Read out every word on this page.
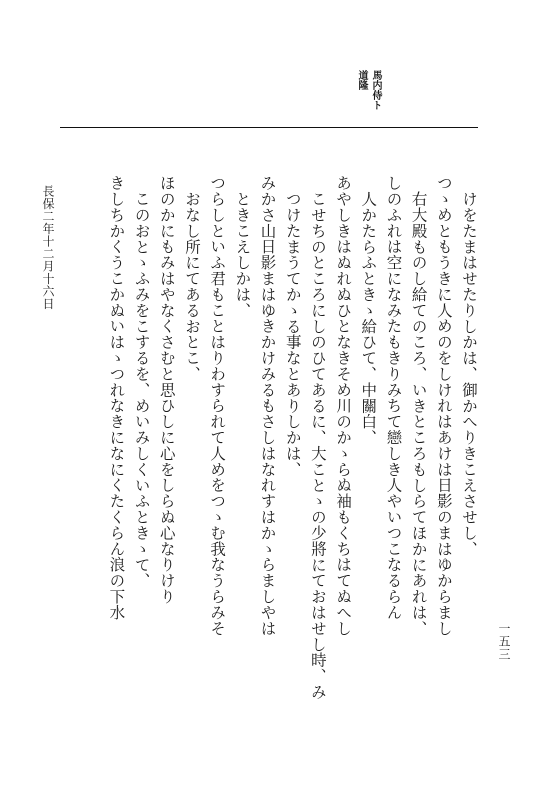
馬内侍ト
道隆
けをたまはせたりしかは、御かへりきこえさせし、
つゝめともうきに人めのをしけれはあけは日影のまはゆからまし
右大殿ものし給てのころ、いきところもしらてほかにあれは、
しのふれは空になみたもきりみちて戀しき人やいつこなるらん
人かたらふときゝ給ひて、中關白、
あやしきはぬれぬひとなきそめ川のかゝらぬ袖もくちはてぬへし
こせちのところにしのひてあるに、大ことゝの少將にておはせし時、み
つけたまうてかゝる事なとありしかは、
みかさ山日影まはゆきかけみるもさしはなれすはかゝらましやは
ときこえしかは、
つらしといふ君もことはりわすられて人めをつゝむ我なうらみそ
おなし所にてあるおとこ、
ほのかにもみはやなくさむと思ひしに心をしらぬ心なりけり
このおとゝふみをこするを、めいみしくいふときゝて、
きしちかくうこかぬいはゝつれなきになにくたくらん浪の下水
長保二年十二月十六日
一五三
